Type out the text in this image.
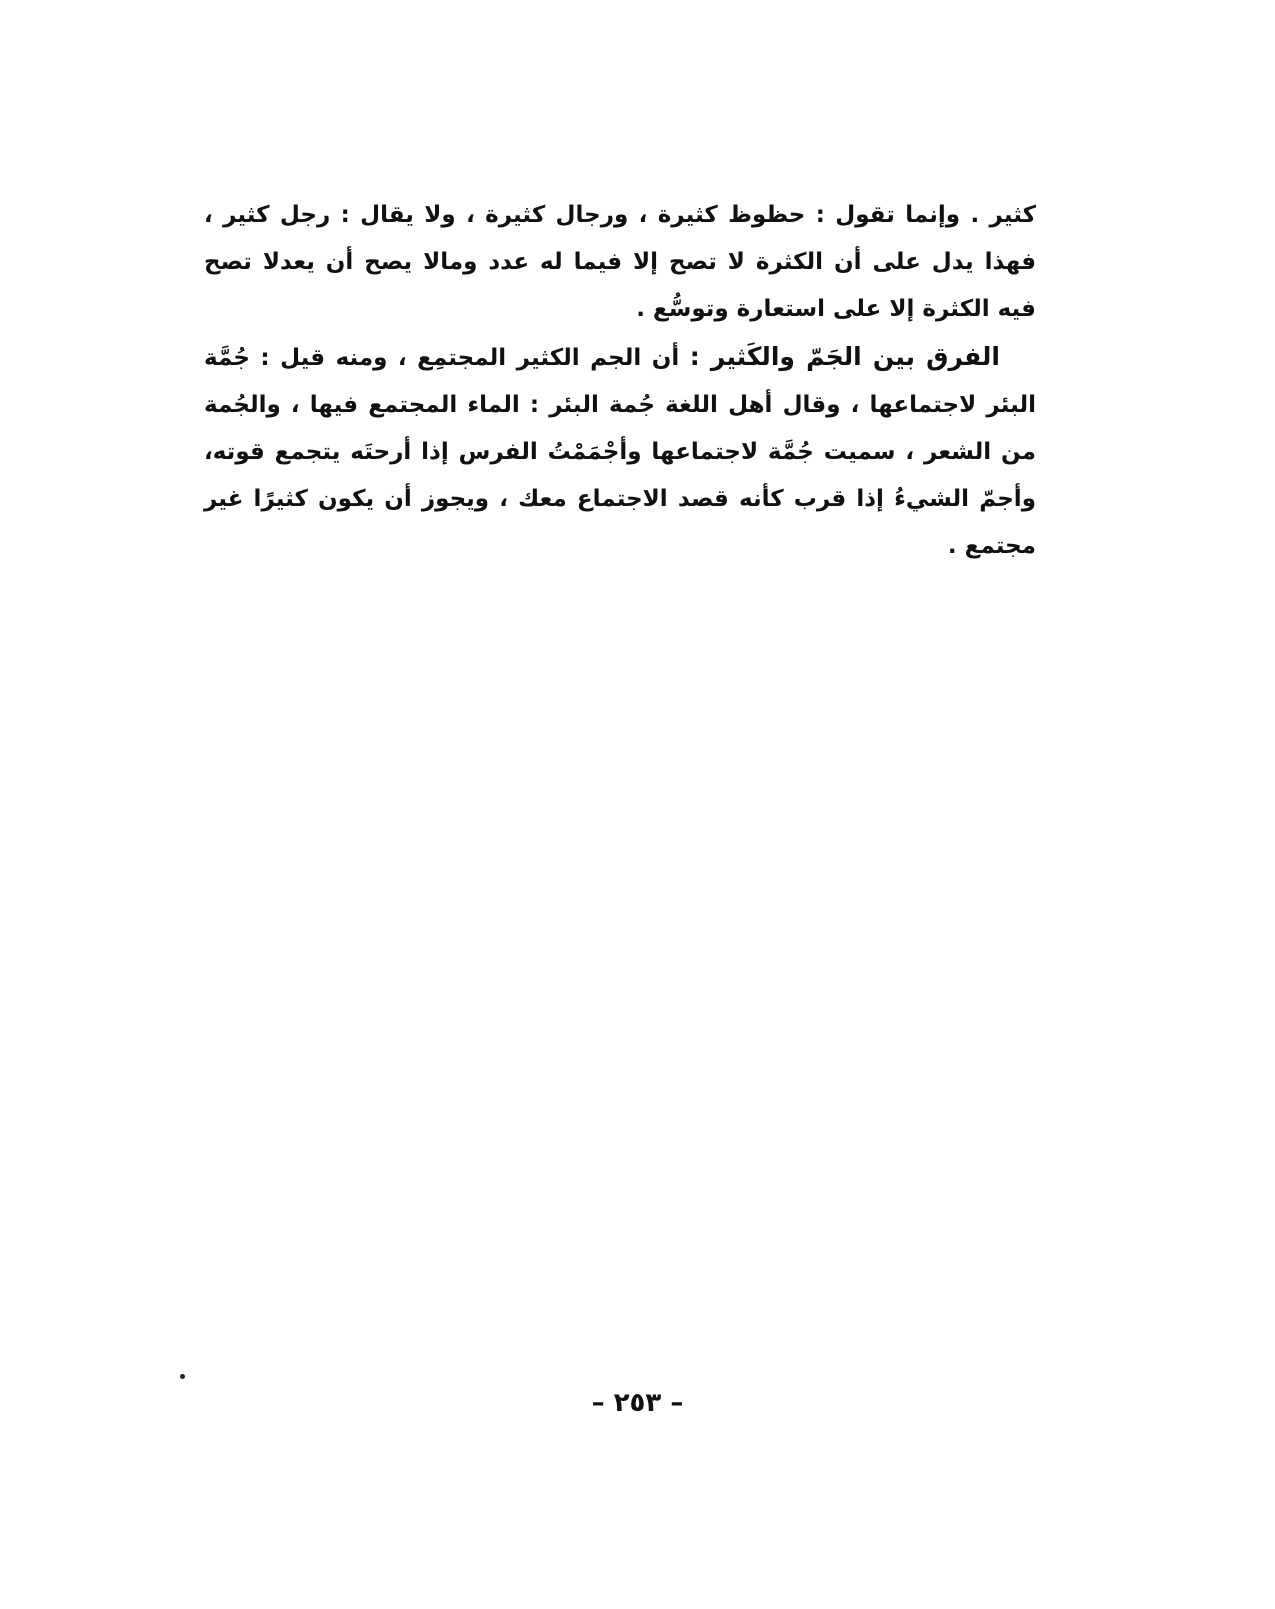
كثير . وإنما تقول : حظوظ كثيرة ، ورجال كثيرة ، ولا يقال : رجل كثير ، فهذا يدل على أن الكثرة لا تصح إلا فيما له عدد ومالا يصح أن يعدلا تصح فيه الكثرة إلا على استعارة وتوسُّع .

الفرق بين الجَمّ والكَثير : أن الجم الكثير المجتمِع ، ومنه قيل : جُمَّة البئر لاجتماعها ، وقال أهل اللغة جُمة البئر : الماء المجتمع فيها ، والجُمة من الشعر ، سميت جُمَّة لاجتماعها وأجْمَمْتُ الفرس إذا أرحتَه يتجمع قوته، وأجمّ الشيءُ إذا قرب كأنه قصد الاجتماع معك ، ويجوز أن يكون كثيرًا غير مجتمع .

– ٢٥٣ –
